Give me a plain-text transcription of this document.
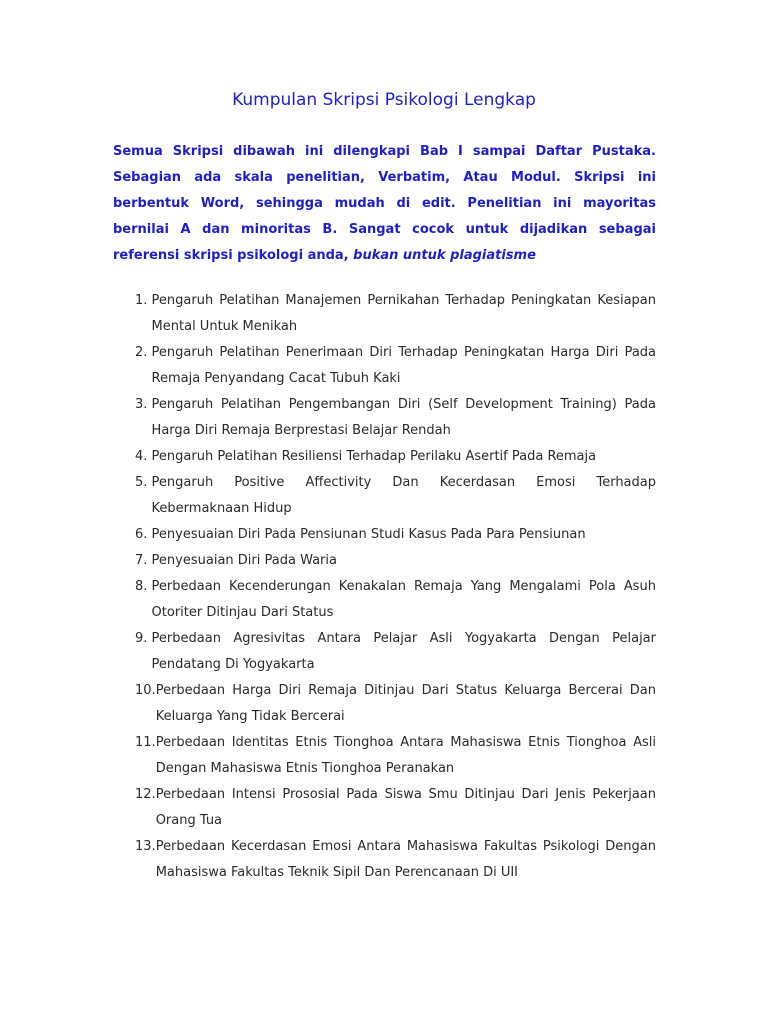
Kumpulan Skripsi Psikologi Lengkap

Semua Skripsi dibawah ini dilengkapi Bab I sampai Daftar Pustaka. Sebagian ada skala penelitian, Verbatim, Atau Modul. Skripsi ini berbentuk Word, sehingga mudah di edit. Penelitian ini mayoritas bernilai A dan minoritas B. Sangat cocok untuk dijadikan sebagai referensi skripsi psikologi anda, bukan untuk plagiatisme

1. Pengaruh Pelatihan Manajemen Pernikahan Terhadap Peningkatan Kesiapan Mental Untuk Menikah
2. Pengaruh Pelatihan Penerimaan Diri Terhadap Peningkatan Harga Diri Pada Remaja Penyandang Cacat Tubuh Kaki
3. Pengaruh Pelatihan Pengembangan Diri (Self Development Training) Pada Harga Diri Remaja Berprestasi Belajar Rendah
4. Pengaruh Pelatihan Resiliensi Terhadap Perilaku Asertif Pada Remaja
5. Pengaruh Positive Affectivity Dan Kecerdasan Emosi Terhadap Kebermaknaan Hidup
6. Penyesuaian Diri Pada Pensiunan Studi Kasus Pada Para Pensiunan
7. Penyesuaian Diri Pada Waria
8. Perbedaan Kecenderungan Kenakalan Remaja Yang Mengalami Pola Asuh Otoriter Ditinjau Dari Status
9. Perbedaan Agresivitas Antara Pelajar Asli Yogyakarta Dengan Pelajar Pendatang Di Yogyakarta
10. Perbedaan Harga Diri Remaja Ditinjau Dari Status Keluarga Bercerai Dan Keluarga Yang Tidak Bercerai
11. Perbedaan Identitas Etnis Tionghoa Antara Mahasiswa Etnis Tionghoa Asli Dengan Mahasiswa Etnis Tionghoa Peranakan
12. Perbedaan Intensi Prososial Pada Siswa Smu Ditinjau Dari Jenis Pekerjaan Orang Tua
13. Perbedaan Kecerdasan Emosi Antara Mahasiswa Fakultas Psikologi Dengan Mahasiswa Fakultas Teknik Sipil Dan Perencanaan Di UII
